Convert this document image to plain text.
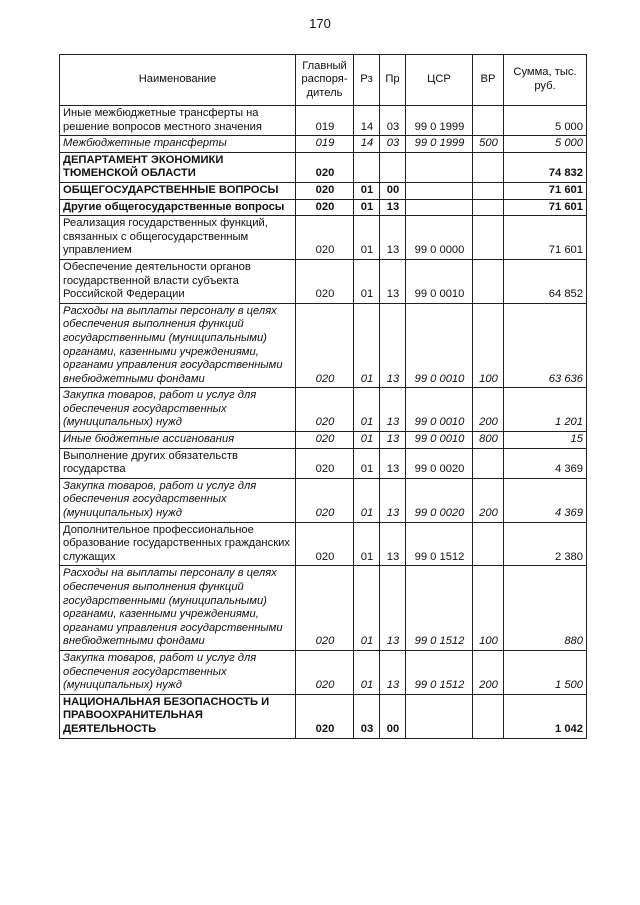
170
Наименование	Главный распоря-дитель	Рз	Пр	ЦСР	ВР	Сумма, тыс. руб.
Иные межбюджетные трансферты на решение вопросов местного значения	019	14	03	99 0 1999		5 000
Межбюджетные трансферты	019	14	03	99 0 1999	500	5 000
ДЕПАРТАМЕНТ ЭКОНОМИКИ ТЮМЕНСКОЙ ОБЛАСТИ	020					74 832
ОБЩЕГОСУДАРСТВЕННЫЕ ВОПРОСЫ	020	01	00			71 601
Другие общегосударственные вопросы	020	01	13			71 601
Реализация государственных функций, связанных с общегосударственным управлением	020	01	13	99 0 0000		71 601
Обеспечение деятельности органов государственной власти субъекта Российской Федерации	020	01	13	99 0 0010		64 852
Расходы на выплаты персоналу в целях обеспечения выполнения функций государственными (муниципальными) органами, казенными учреждениями, органами управления государственными внебюджетными фондами	020	01	13	99 0 0010	100	63 636
Закупка товаров, работ и услуг для обеспечения государственных (муниципальных) нужд	020	01	13	99 0 0010	200	1 201
Иные бюджетные ассигнования	020	01	13	99 0 0010	800	15
Выполнение других обязательств государства	020	01	13	99 0 0020		4 369
Закупка товаров, работ и услуг для обеспечения государственных (муниципальных) нужд	020	01	13	99 0 0020	200	4 369
Дополнительное профессиональное образование государственных гражданских служащих	020	01	13	99 0 1512		2 380
Расходы на выплаты персоналу в целях обеспечения выполнения функций государственными (муниципальными) органами, казенными учреждениями, органами управления государственными внебюджетными фондами	020	01	13	99 0 1512	100	880
Закупка товаров, работ и услуг для обеспечения государственных (муниципальных) нужд	020	01	13	99 0 1512	200	1 500
НАЦИОНАЛЬНАЯ БЕЗОПАСНОСТЬ И ПРАВООХРАНИТЕЛЬНАЯ ДЕЯТЕЛЬНОСТЬ	020	03	00			1 042
